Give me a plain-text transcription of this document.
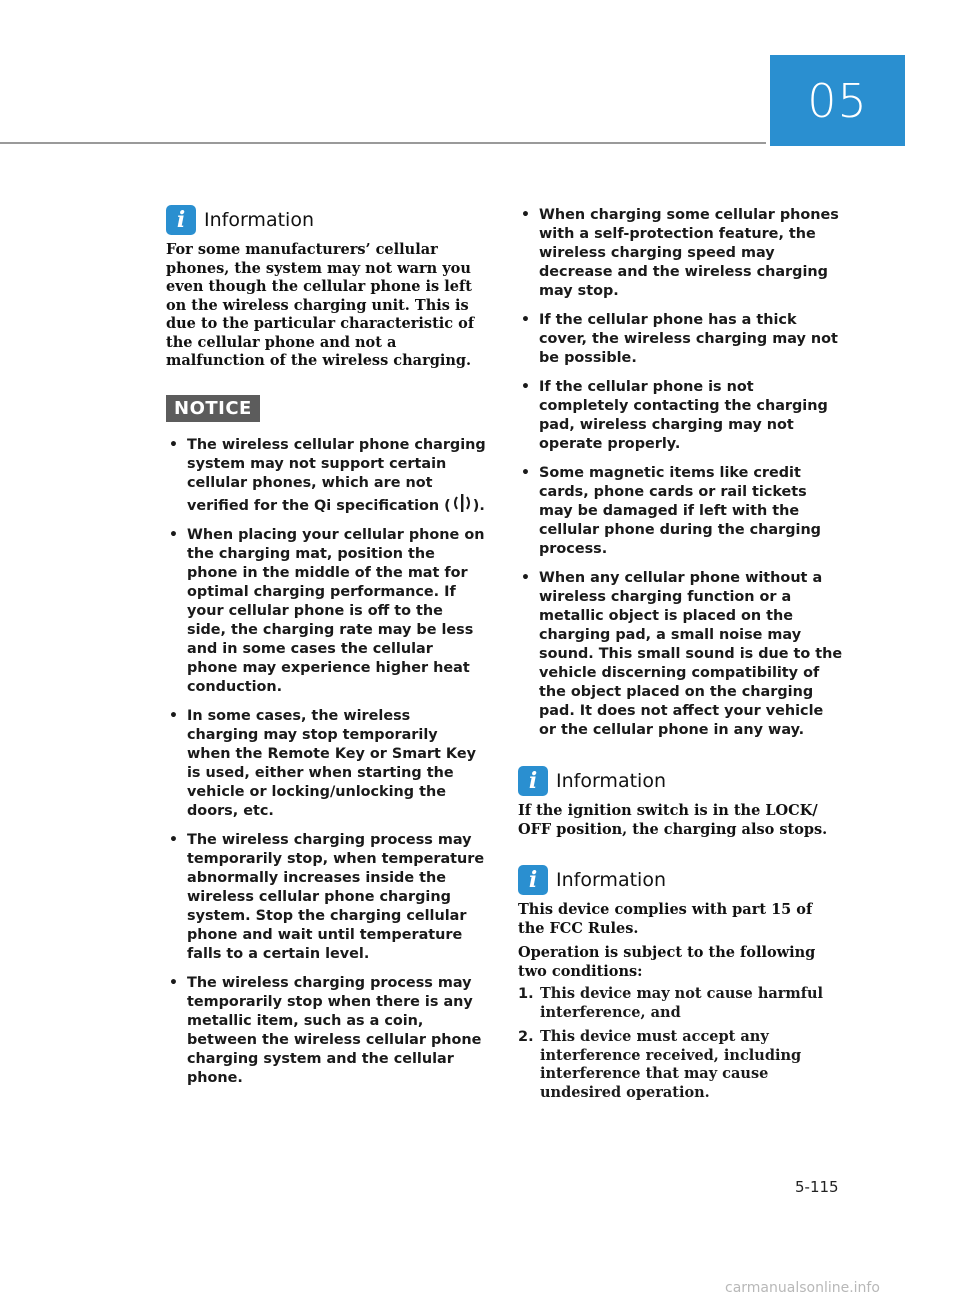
05
i Information

For some manufacturers’ cellular phones, the system may not warn you even though the cellular phone is left on the wireless charging unit. This is due to the particular characteristic of the cellular phone and not a malfunction of the wireless charging.

NOTICE
• The wireless cellular phone charging system may not support certain cellular phones, which are not verified for the Qi specification ( ).
• When placing your cellular phone on the charging mat, position the phone in the middle of the mat for optimal charging performance. If your cellular phone is off to the side, the charging rate may be less and in some cases the cellular phone may experience higher heat conduction.
• In some cases, the wireless charging may stop temporarily when the Remote Key or Smart Key is used, either when starting the vehicle or locking/unlocking the doors, etc.
• The wireless charging process may temporarily stop, when temperature abnormally increases inside the wireless cellular phone charging system. Stop the charging cellular phone and wait until temperature falls to a certain level.
• The wireless charging process may temporarily stop when there is any metallic item, such as a coin, between the wireless cellular phone charging system and the cellular phone.
• When charging some cellular phones with a self-protection feature, the wireless charging speed may decrease and the wireless charging may stop.
• If the cellular phone has a thick cover, the wireless charging may not be possible.
• If the cellular phone is not completely contacting the charging pad, wireless charging may not operate properly.
• Some magnetic items like credit cards, phone cards or rail tickets may be damaged if left with the cellular phone during the charging process.
• When any cellular phone without a wireless charging function or a metallic object is placed on the charging pad, a small noise may sound. This small sound is due to the vehicle discerning compatibility of the object placed on the charging pad. It does not affect your vehicle or the cellular phone in any way.
i Information

If the ignition switch is in the LOCK/ OFF position, the charging also stops.

i Information

This device complies with part 15 of the FCC Rules.

Operation is subject to the following two conditions:

1. This device may not cause harmful interference, and
2. This device must accept any interference received, including interference that may cause undesired operation.
5-115
carmanualsonline.info
